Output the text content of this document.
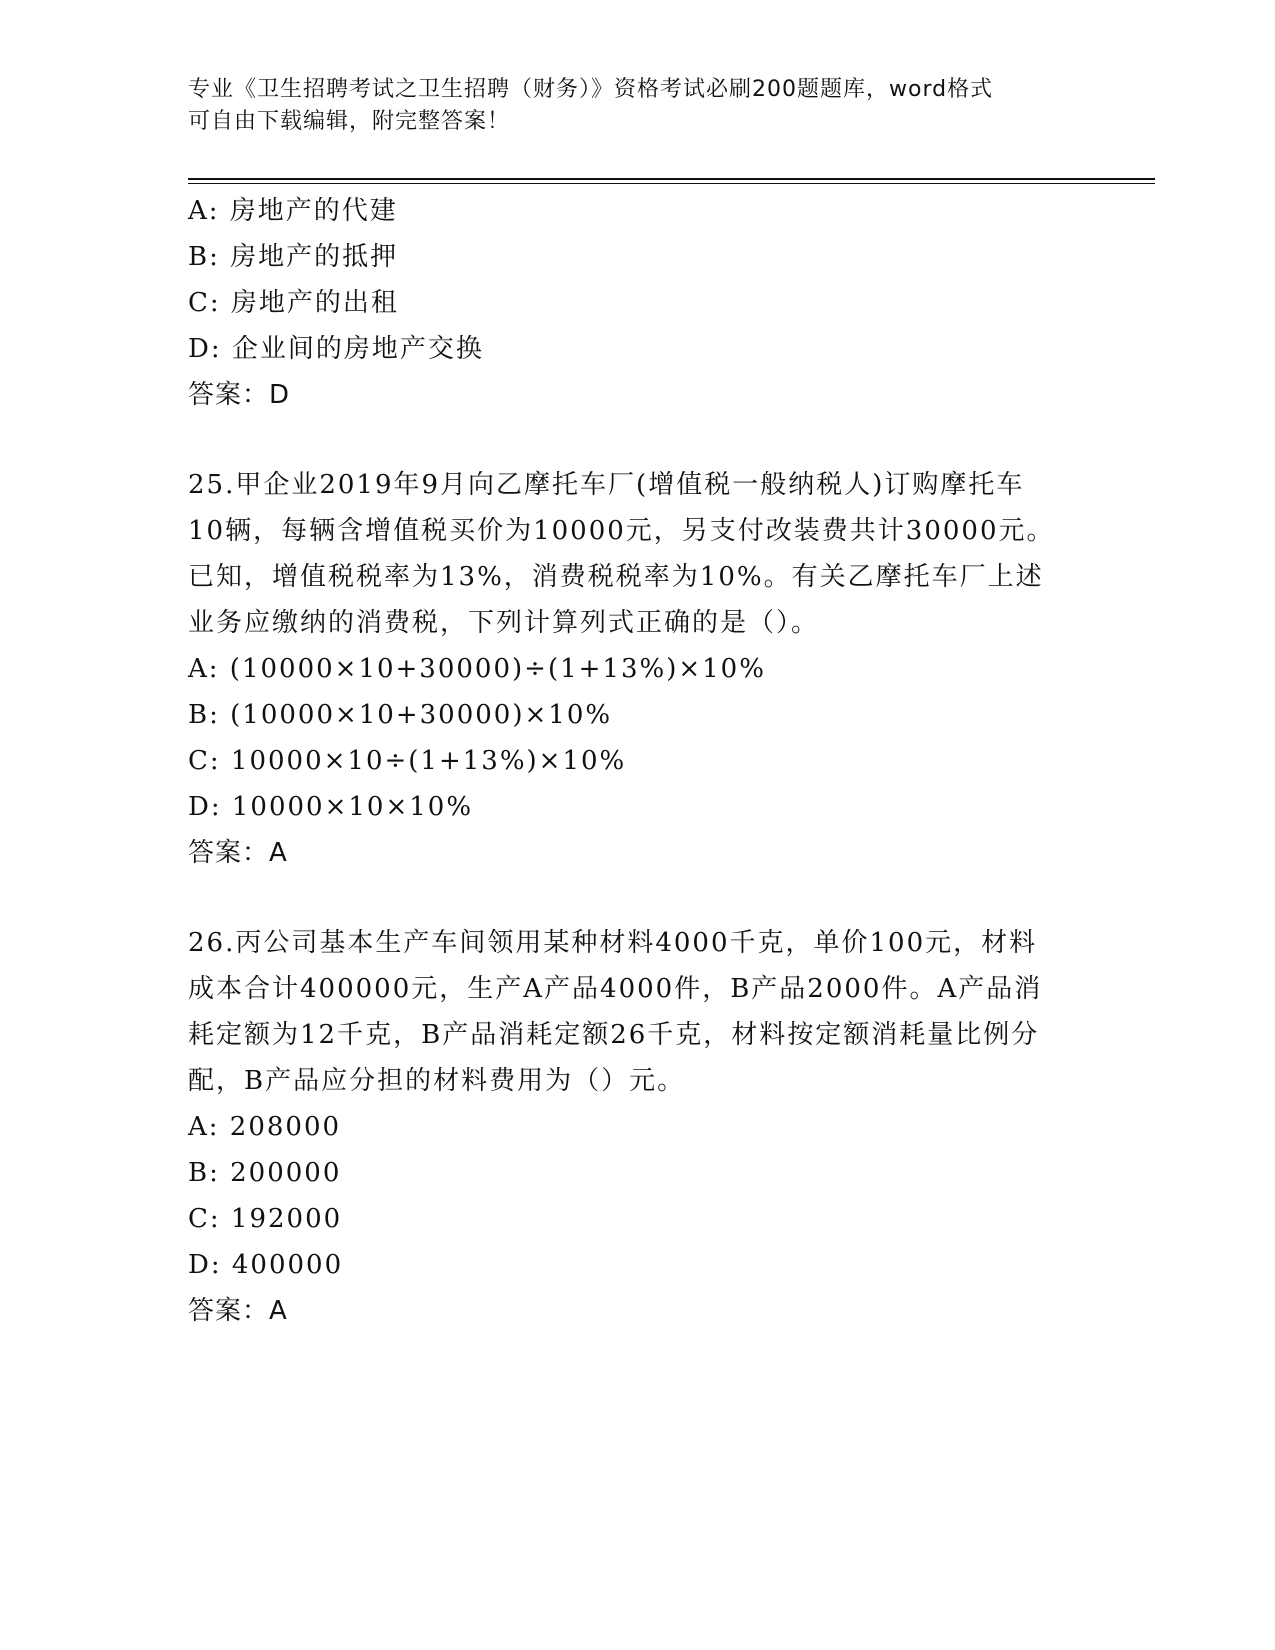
专业《卫生招聘考试之卫生招聘（财务）》资格考试必刷200题题库，word格式
可自由下载编辑，附完整答案！
A: 房地产的代建
B: 房地产的抵押
C: 房地产的出租
D: 企业间的房地产交换
答案：D
25.甲企业2019年9月向乙摩托车厂(增值税一般纳税人)订购摩托车
10辆，每辆含增值税买价为10000元，另支付改装费共计30000元。
已知，增值税税率为13%，消费税税率为10%。有关乙摩托车厂上述
业务应缴纳的消费税，下列计算列式正确的是（）。
A: (10000×10+30000)÷(1+13%)×10%
B: (10000×10+30000)×10%
C: 10000×10÷(1+13%)×10%
D: 10000×10×10%
答案：A
26.丙公司基本生产车间领用某种材料4000千克，单价100元，材料
成本合计400000元，生产A产品4000件，B产品2000件。A产品消
耗定额为12千克，B产品消耗定额26千克，材料按定额消耗量比例分
配，B产品应分担的材料费用为（）元。
A: 208000
B: 200000
C: 192000
D: 400000
答案：A
